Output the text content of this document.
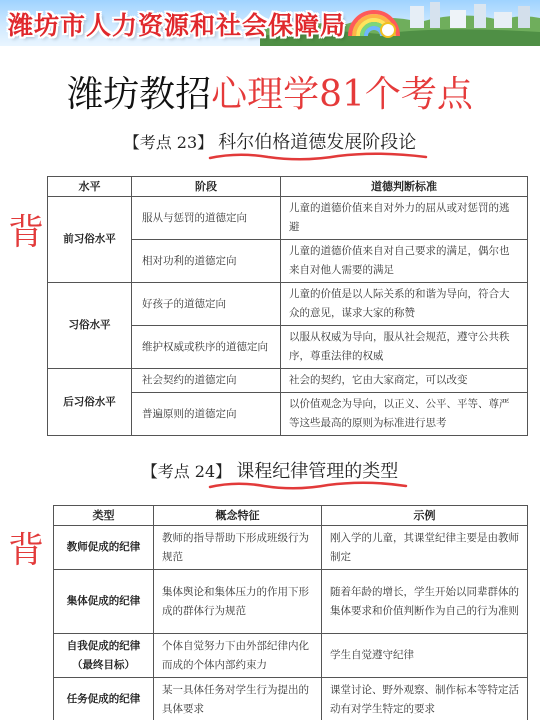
潍坊市人力资源和社会保障局
潍坊教招心理学81个考点
【考点 23】 科尔伯格道德发展阶段论
背
水平	阶段	道德判断标准
前习俗水平	服从与惩罚的道德定向	儿童的道德价值来自对外力的屈从或对惩罚的逃避
	相对功利的道德定向	儿童的道德价值来自对自己要求的满足，偶尔也来自对他人需要的满足
习俗水平	好孩子的道德定向	儿童的价值是以人际关系的和谐为导向，符合大众的意见，谋求大家的称赞
	维护权威或秩序的道德定向	以服从权威为导向，服从社会规范，遵守公共秩序，尊重法律的权威
后习俗水平	社会契约的道德定向	社会的契约，它由大家商定，可以改变
	普遍原则的道德定向	以价值观念为导向，以正义、公平、平等、尊严等这些最高的原则为标准进行思考
【考点 24】 课程纪律管理的类型
背
类型	概念特征	示例

教师促成的纪律	教师的指导帮助下形成班级行为规范	刚入学的儿童，其课堂纪律主要是由教师制定

集体促成的纪律	集体舆论和集体压力的作用下形成的群体行为规范	随着年龄的增长，学生开始以同辈群体的集体要求和价值判断作为自己的行为准则

自我促成的纪律
（最终目标）	个体自觉努力下由外部纪律内化而成的个体内部约束力	学生自觉遵守纪律

任务促成的纪律	某一具体任务对学生行为提出的具体要求	课堂讨论、野外观察、制作标本等特定活动有对学生特定的要求
